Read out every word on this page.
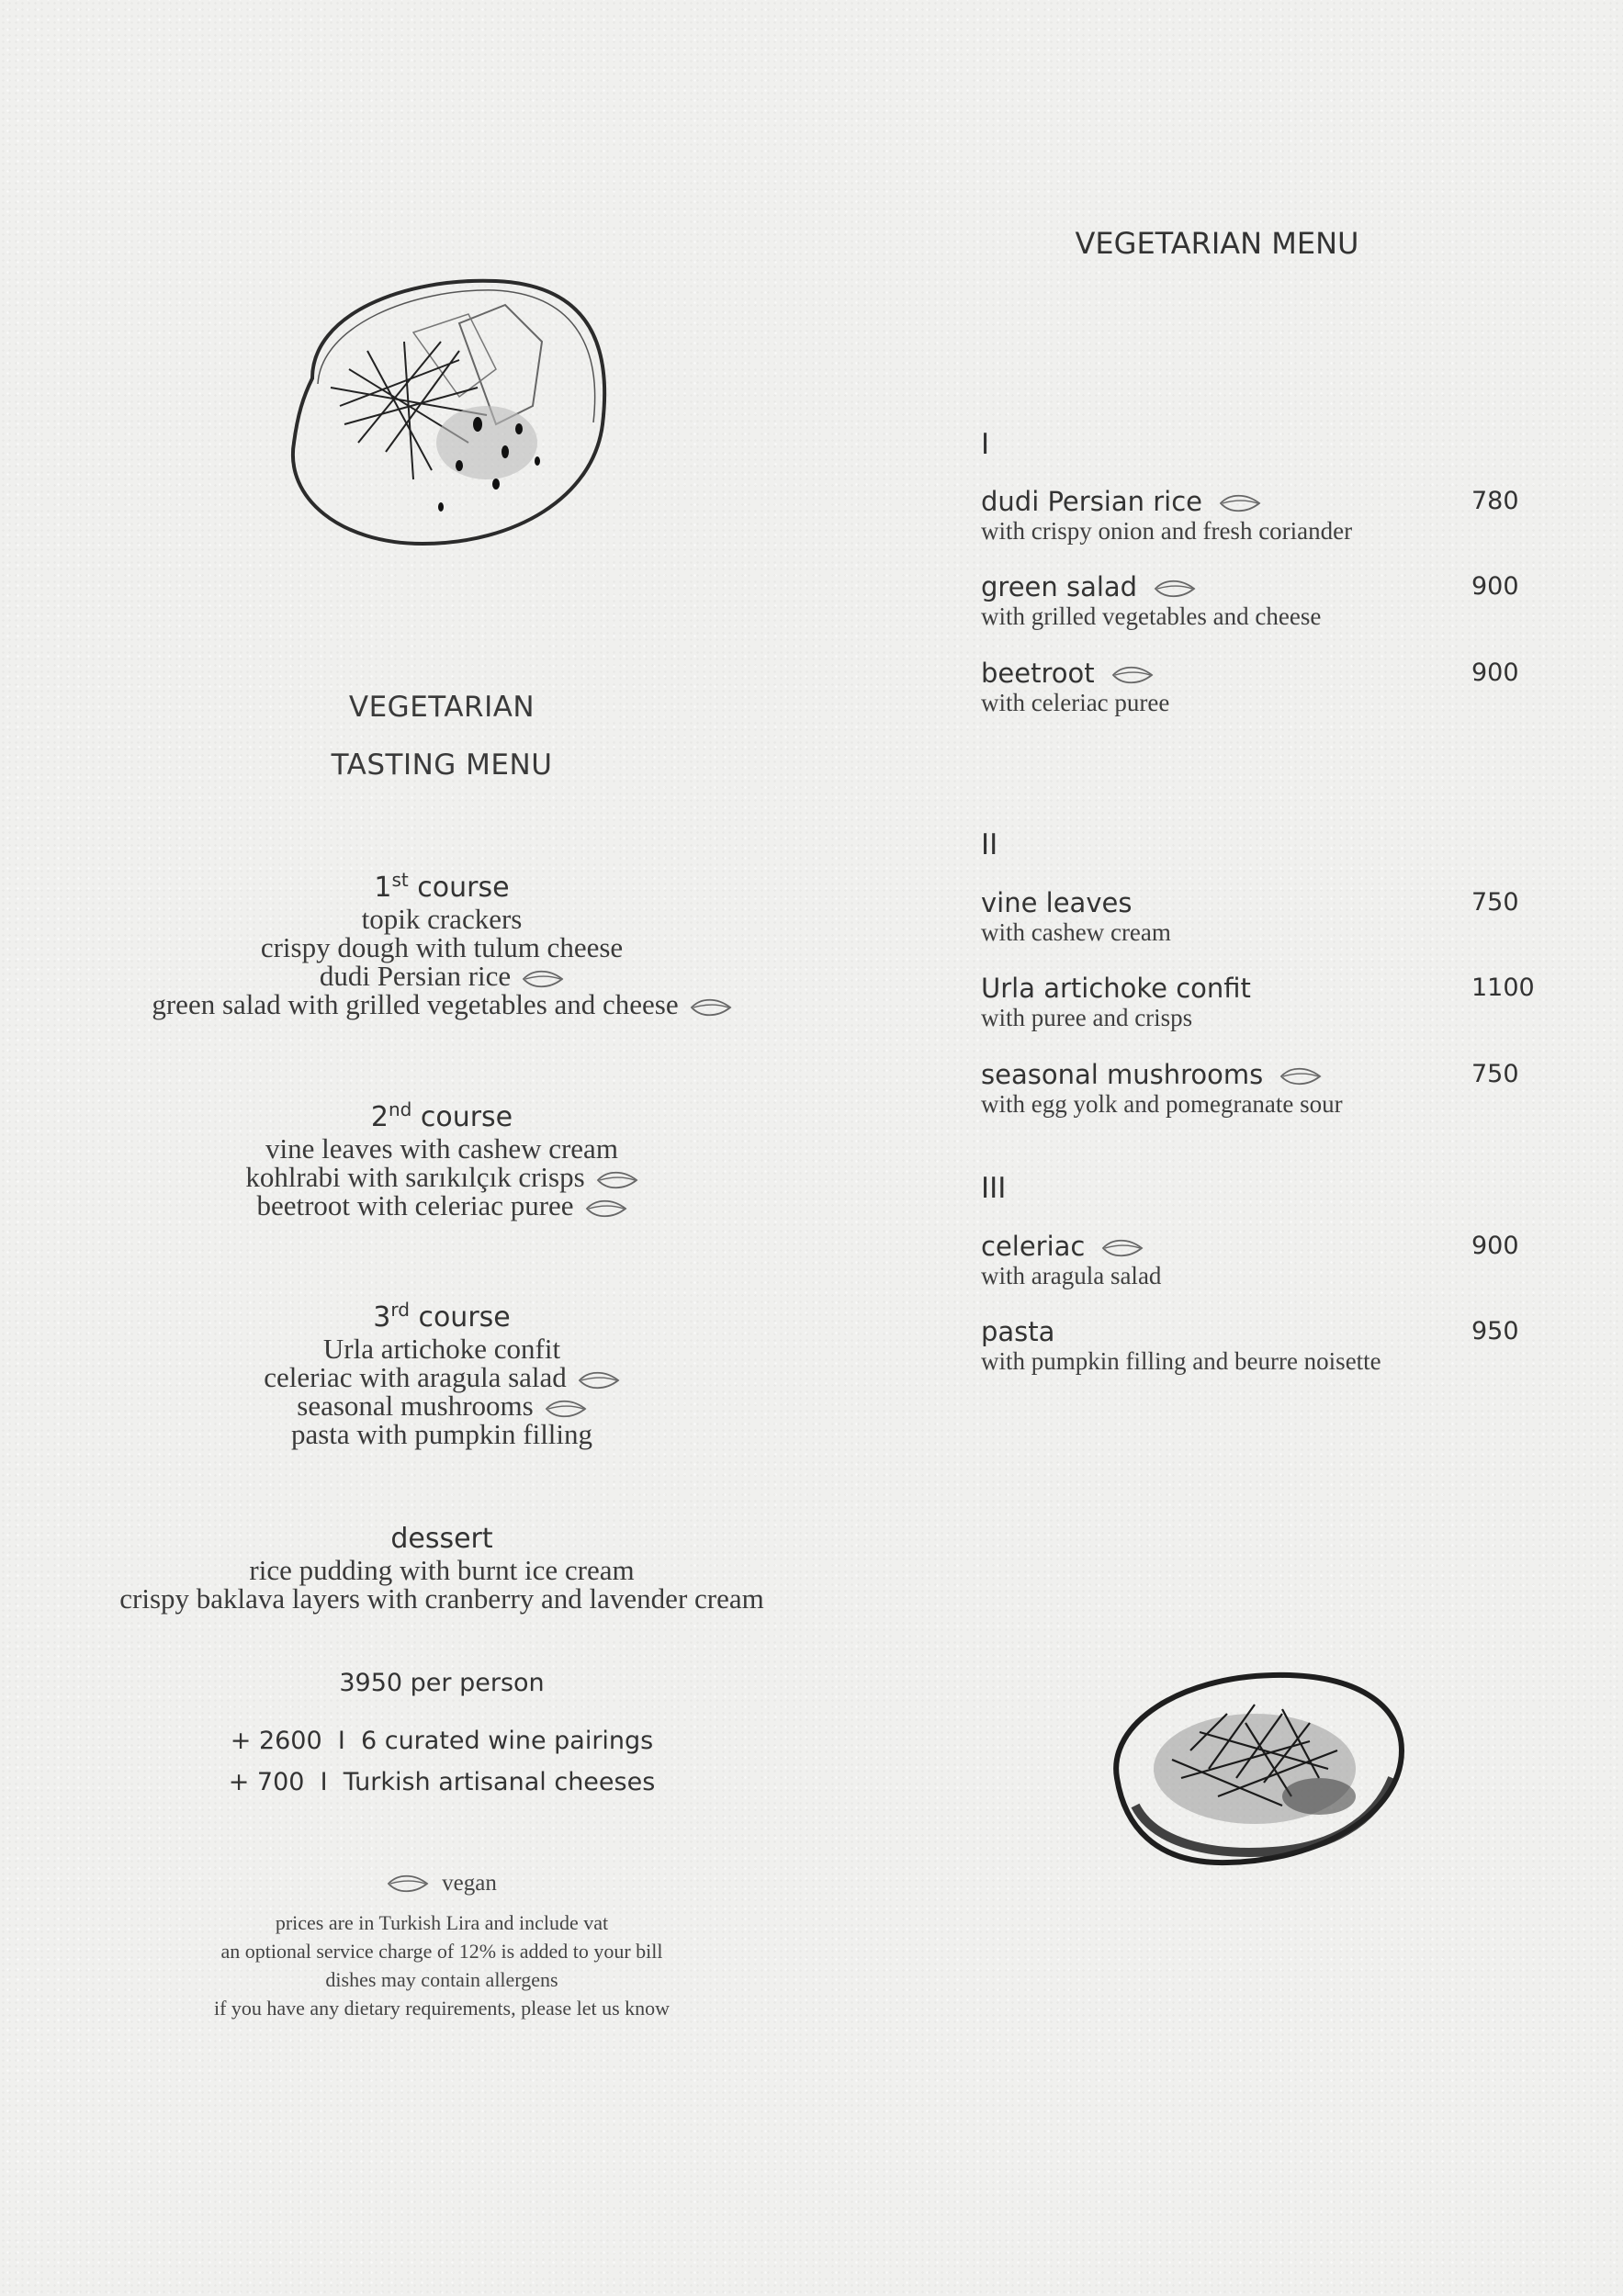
VEGETARIAN
TASTING MENU
1st course
topik crackers
crispy dough with tulum cheese
dudi Persian rice
green salad with grilled vegetables and cheese
2nd course
vine leaves with cashew cream
kohlrabi with sarıkılçık crisps
beetroot with celeriac puree
3rd course
Urla artichoke confit
celeriac with aragula salad
seasonal mushrooms
pasta with pumpkin filling
dessert
rice pudding with burnt ice cream
crispy baklava layers with cranberry and lavender cream
3950 per person
+ 2600  I  6 curated wine pairings
+ 700  I  Turkish artisanal cheeses
vegan
prices are in Turkish Lira and include vat
an optional service charge of 12% is added to your bill
dishes may contain allergens
if you have any dietary requirements, please let us know
VEGETARIAN MENU
I
dudi Persian rice
with crispy onion and fresh coriander
780
green salad
with grilled vegetables and cheese
900
beetroot
with celeriac puree
900
II
vine leaves
with cashew cream
750
Urla artichoke confit
with puree and crisps
1100
seasonal mushrooms
with egg yolk and pomegranate sour
750
III
celeriac
with aragula salad
900
pasta
with pumpkin filling and beurre noisette
950
